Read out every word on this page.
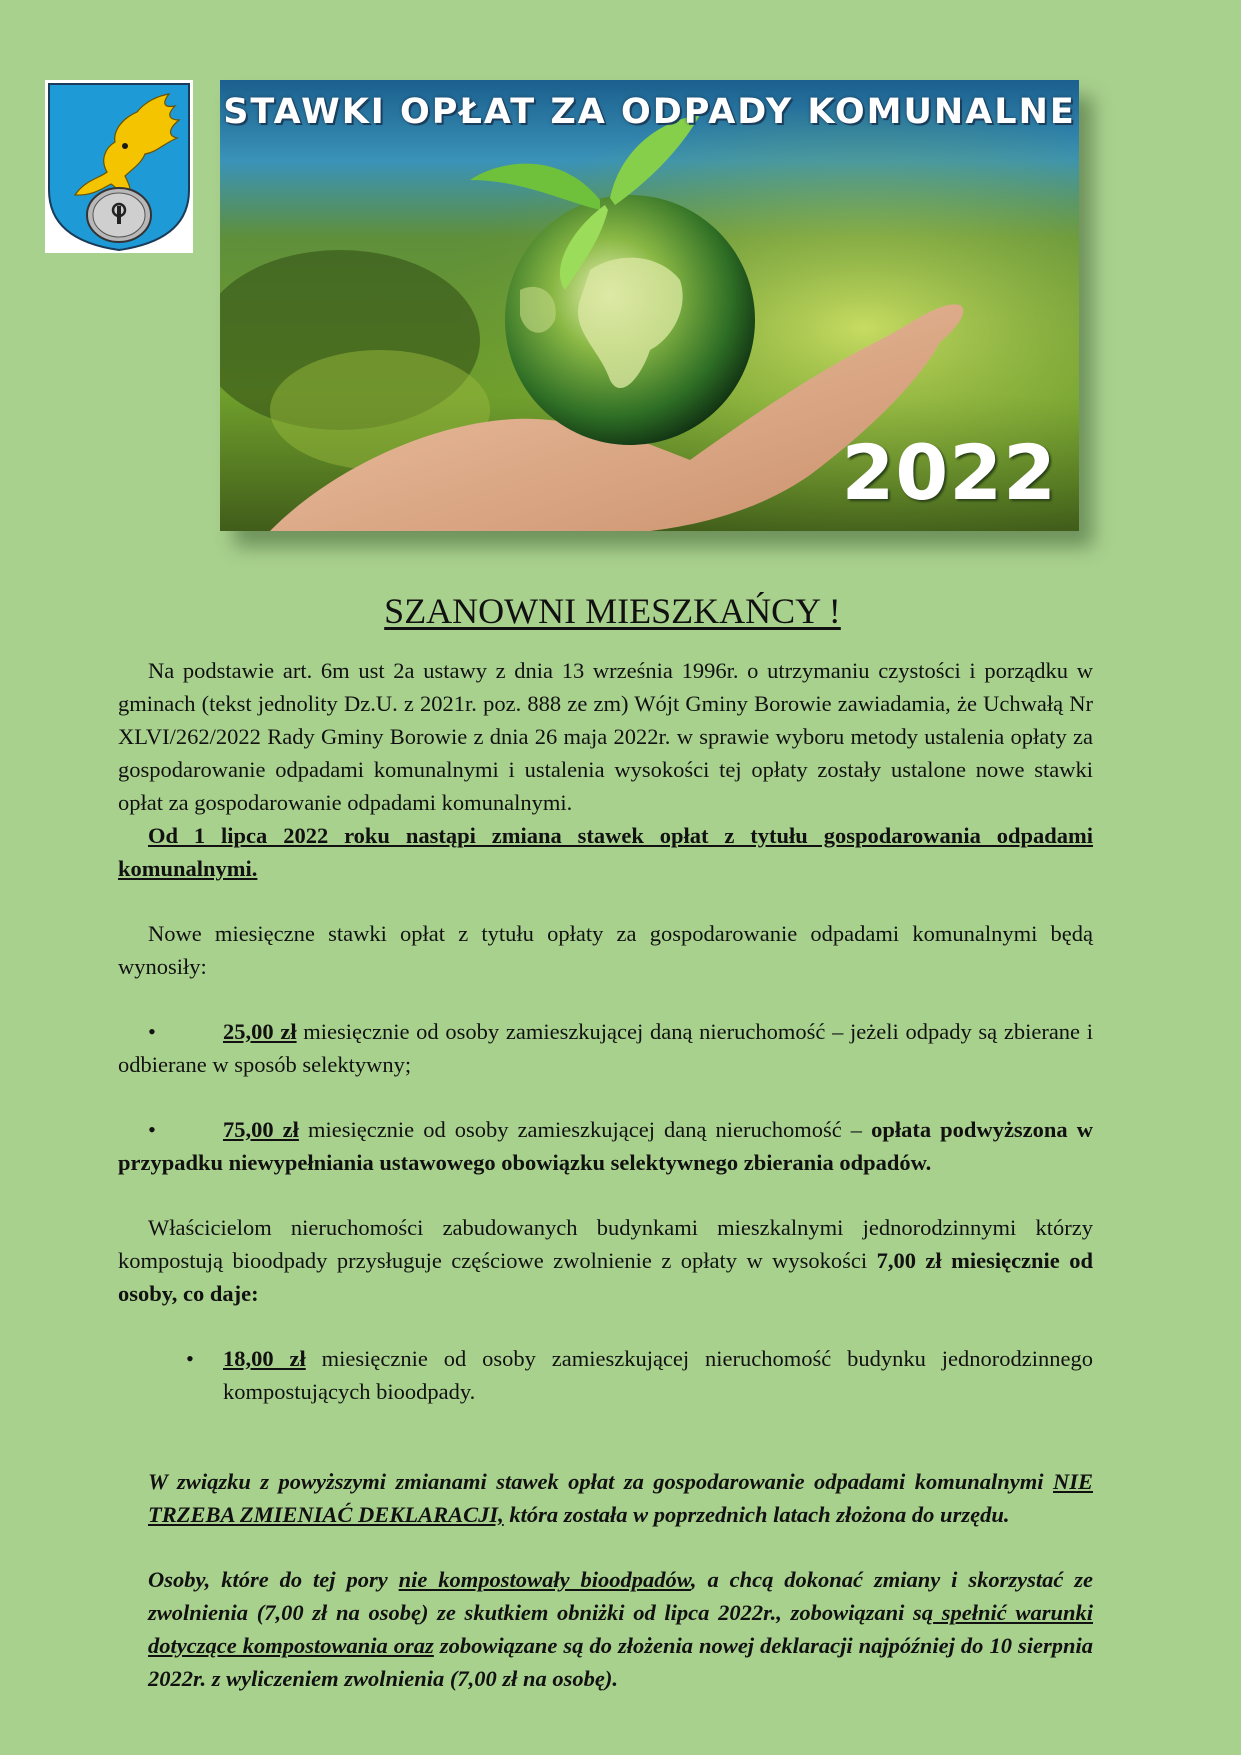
STAWKI OPŁAT ZA ODPADY KOMUNALNE
2022
SZANOWNI MIESZKAŃCY !

Na podstawie art. 6m ust 2a ustawy z dnia 13 września 1996r. o utrzymaniu czystości i porządku w gminach (tekst jednolity Dz.U. z 2021r. poz. 888 ze zm) Wójt Gminy Borowie zawiadamia, że Uchwałą Nr XLVI/262/2022 Rady Gminy Borowie z dnia 26 maja 2022r. w sprawie wyboru metody ustalenia opłaty za gospodarowanie odpadami komunalnymi i ustalenia wysokości tej opłaty zostały ustalone nowe stawki opłat za gospodarowanie odpadami komunalnymi.

Od 1 lipca 2022 roku nastąpi zmiana stawek opłat z tytułu gospodarowania odpadami komunalnymi.

Nowe miesięczne stawki opłat z tytułu opłaty za gospodarowanie odpadami komunalnymi będą wynosiły:

•	25,00 zł miesięcznie od osoby zamieszkującej daną nieruchomość – jeżeli odpady są zbierane i odbierane w sposób selektywny;

•	75,00 zł miesięcznie od osoby zamieszkującej daną nieruchomość – opłata podwyższona w przypadku niewypełniania ustawowego obowiązku selektywnego zbierania odpadów.

Właścicielom nieruchomości zabudowanych budynkami mieszkalnymi jednorodzinnymi którzy kompostują bioodpady przysługuje częściowe zwolnienie z opłaty w wysokości 7,00 zł miesięcznie od osoby, co daje:

• 18,00 zł miesięcznie od osoby zamieszkującej nieruchomość budynku jednorodzinnego kompostujących bioodpady.

W związku z powyższymi zmianami stawek opłat za gospodarowanie odpadami komunalnymi NIE TRZEBA ZMIENIAĆ DEKLARACJI, która została w poprzednich latach złożona do urzędu.

Osoby, które do tej pory nie kompostowały bioodpadów, a chcą dokonać zmiany i skorzystać ze zwolnienia (7,00 zł na osobę) ze skutkiem obniżki od lipca 2022r., zobowiązani są spełnić warunki dotyczące kompostowania oraz zobowiązane są do złożenia nowej deklaracji najpóźniej do 10 sierpnia 2022r. z wyliczeniem zwolnienia (7,00 zł na osobę).
